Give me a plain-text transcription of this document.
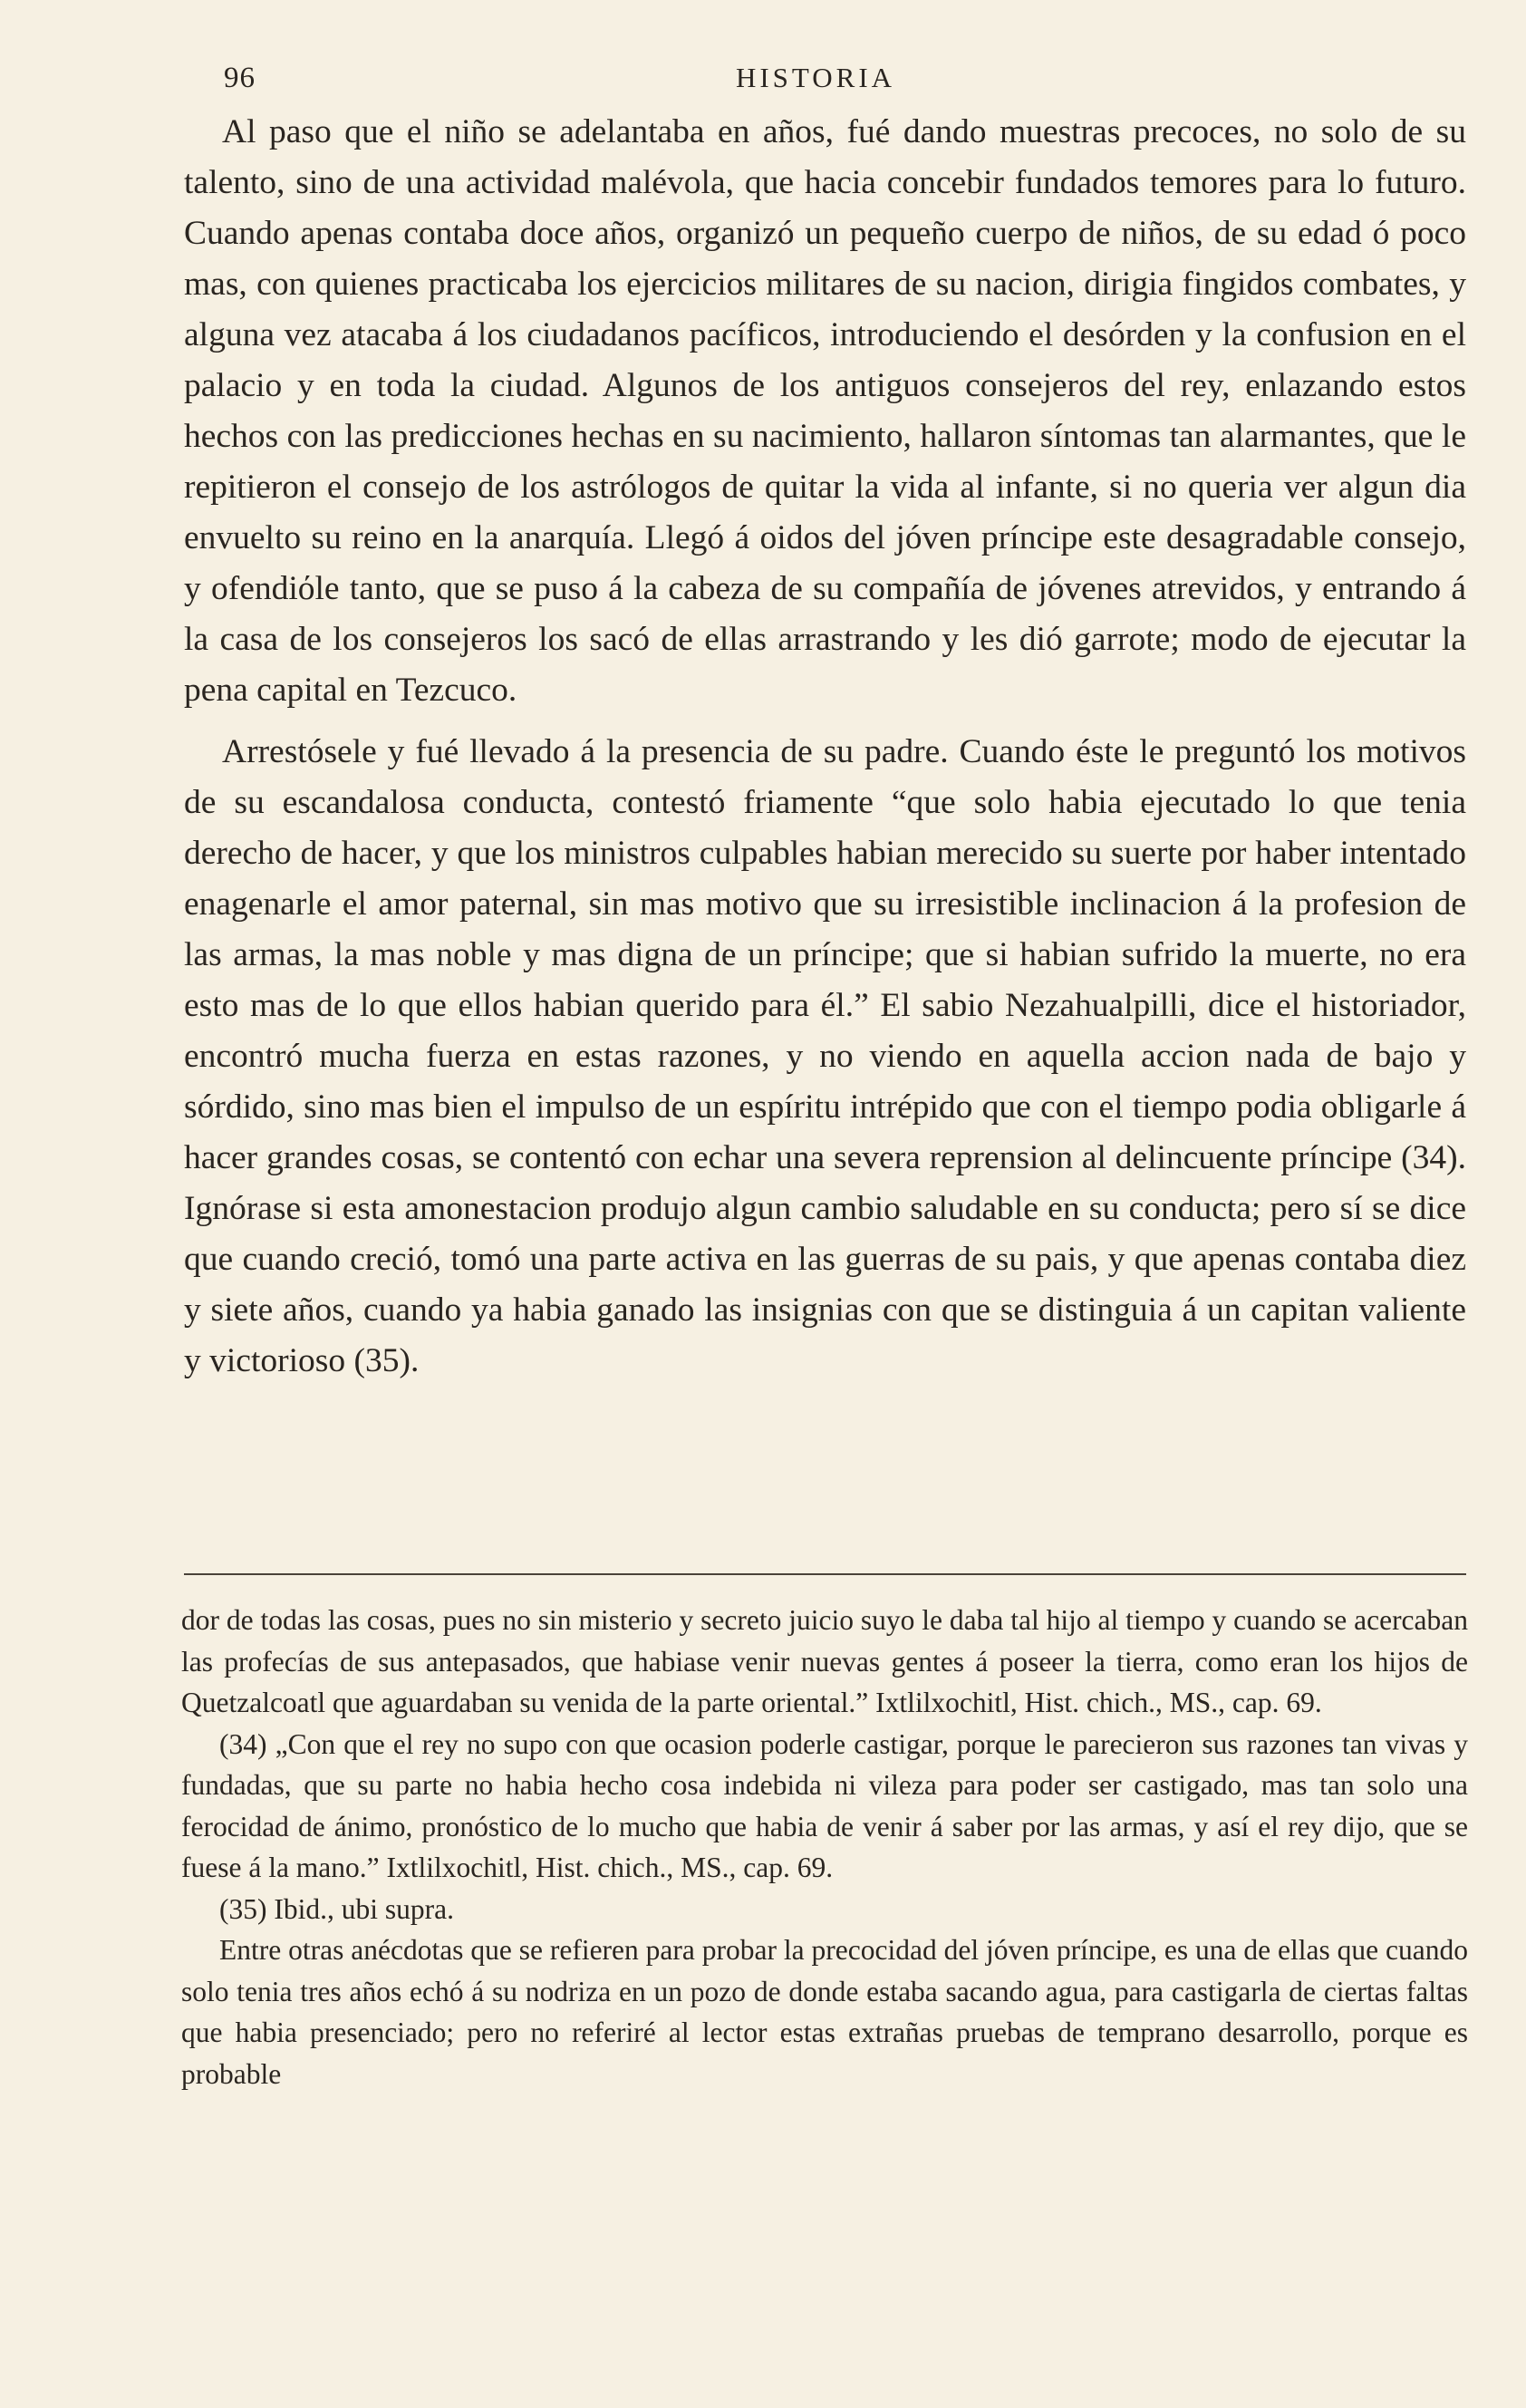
96	HISTORIA

Al paso que el niño se adelantaba en años, fué dando muestras precoces, no solo de su talento, sino de una actividad malévola, que hacia concebir fundados temores para lo futuro. Cuando apenas contaba doce años, organizó un pequeño cuerpo de niños, de su edad ó poco mas, con quienes practicaba los ejercicios militares de su nacion, dirigia fingidos combates, y alguna vez atacaba á los ciudadanos pacíficos, introduciendo el desórden y la confusion en el palacio y en toda la ciudad. Algunos de los antiguos consejeros del rey, enlazando estos hechos con las predicciones hechas en su nacimiento, hallaron síntomas tan alarmantes, que le repitieron el consejo de los astrólogos de quitar la vida al infante, si no queria ver algun dia envuelto su reino en la anarquía. Llegó á oidos del jóven príncipe este desagradable consejo, y ofendiόle tanto, que se puso á la cabeza de su compañía de jóvenes atrevidos, y entrando á la casa de los consejeros los sacó de ellas arrastrando y les dió garrote; modo de ejecutar la pena capital en Tezcuco.

Arrestósele y fué llevado á la presencia de su padre. Cuando éste le preguntó los motivos de su escandalosa conducta, contestó friamente “que solo habia ejecutado lo que tenia derecho de hacer, y que los ministros culpables habian merecido su suerte por haber intentado enagenarle el amor paternal, sin mas motivo que su irresistible inclinacion á la profesion de las armas, la mas noble y mas digna de un príncipe; que si habian sufrido la muerte, no era esto mas de lo que ellos habian querido para él.” El sabio Nezahualpilli, dice el historiador, encontró mucha fuerza en estas razones, y no viendo en aquella accion nada de bajo y sórdido, sino mas bien el impulso de un espíritu intrépido que con el tiempo podia obligarle á hacer grandes cosas, se contentó con echar una severa reprension al delincuente príncipe (34). Ignórase si esta amonestacion produjo algun cambio saludable en su conducta; pero sí se dice que cuando creció, tomó una parte activa en las guerras de su pais, y que apenas contaba diez y siete años, cuando ya habia ganado las insignias con que se distinguia á un capitan valiente y victorioso (35).

dor de todas las cosas, pues no sin misterio y secreto juicio suyo le daba tal hijo al tiempo y cuando se acercaban las profecías de sus antepasados, que habiase venir nuevas gentes á poseer la tierra, como eran los hijos de Quetzalcoatl que aguardaban su venida de la parte oriental.” Ixtlilxochitl, Hist. chich., MS., cap. 69.

(34) „Con que el rey no supo con que ocasion poderle castigar, porque le parecieron sus razones tan vivas y fundadas, que su parte no habia hecho cosa indebida ni vileza para poder ser castigado, mas tan solo una ferocidad de ánimo, pronóstico de lo mucho que habia de venir á saber por las armas, y así el rey dijo, que se fuese á la mano.” Ixtlilxochitl, Hist. chich., MS., cap. 69.

(35) Ibid., ubi supra.

Entre otras anécdotas que se refieren para probar la precocidad del jóven príncipe, es una de ellas que cuando solo tenia tres años echó á su nodriza en un pozo de donde estaba sacando agua, para castigarla de ciertas faltas que habia presenciado; pero no referiré al lector estas extrañas pruebas de temprano desarrollo, porque es probable
